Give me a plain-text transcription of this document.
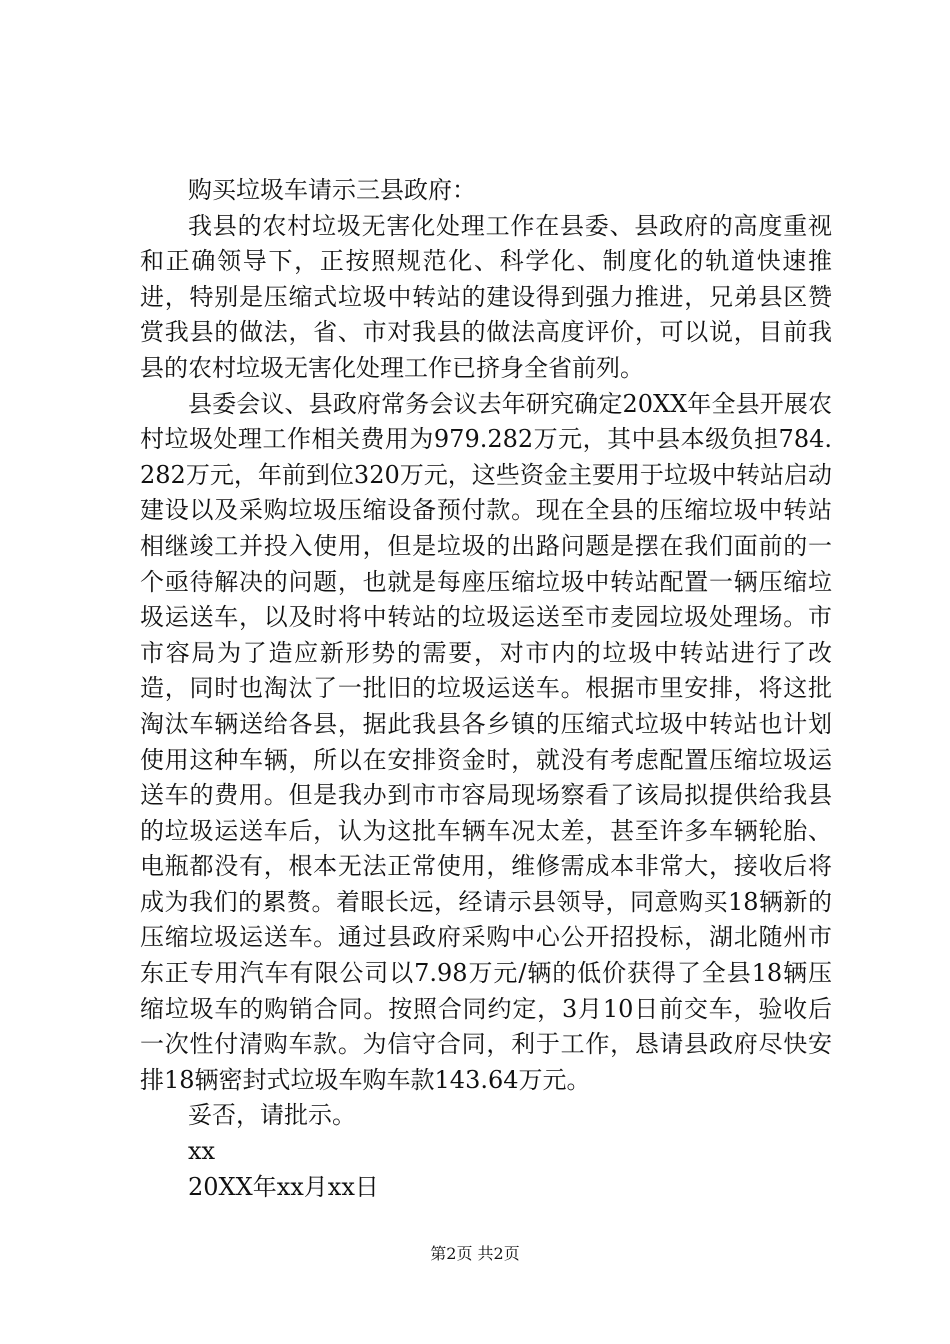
购买垃圾车请示三县政府：

我县的农村垃圾无害化处理工作在县委、县政府的高度重视和正确领导下，正按照规范化、科学化、制度化的轨道快速推进，特别是压缩式垃圾中转站的建设得到强力推进，兄弟县区赞赏我县的做法，省、市对我县的做法高度评价，可以说，目前我县的农村垃圾无害化处理工作已挤身全省前列。

县委会议、县政府常务会议去年研究确定20XX年全县开展农村垃圾处理工作相关费用为979.282万元，其中县本级负担784.282万元，年前到位320万元，这些资金主要用于垃圾中转站启动建设以及采购垃圾压缩设备预付款。现在全县的压缩垃圾中转站相继竣工并投入使用，但是垃圾的出路问题是摆在我们面前的一个亟待解决的问题，也就是每座压缩垃圾中转站配置一辆压缩垃圾运送车，以及时将中转站的垃圾运送至市麦园垃圾处理场。市市容局为了造应新形势的需要，对市内的垃圾中转站进行了改造，同时也淘汰了一批旧的垃圾运送车。根据市里安排，将这批淘汰车辆送给各县，据此我县各乡镇的压缩式垃圾中转站也计划使用这种车辆，所以在安排资金时，就没有考虑配置压缩垃圾运送车的费用。但是我办到市市容局现场察看了该局拟提供给我县的垃圾运送车后，认为这批车辆车况太差，甚至许多车辆轮胎、电瓶都没有，根本无法正常使用，维修需成本非常大，接收后将成为我们的累赘。着眼长远，经请示县领导，同意购买18辆新的压缩垃圾运送车。通过县政府采购中心公开招投标，湖北随州市东正专用汽车有限公司以7.98万元/辆的低价获得了全县18辆压缩垃圾车的购销合同。按照合同约定，3月10日前交车，验收后一次性付清购车款。为信守合同，利于工作，恳请县政府尽快安排18辆密封式垃圾车购车款143.64万元。

妥否，请批示。
xx
20XX年xx月xx日
第2页 共2页
